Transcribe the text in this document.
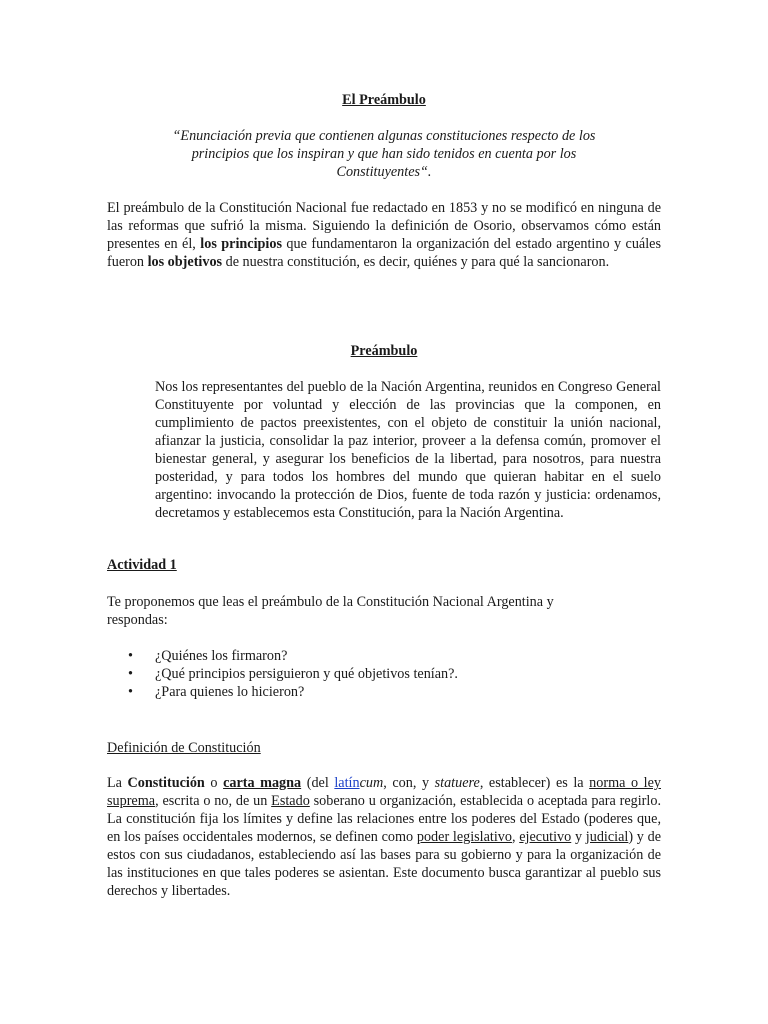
El Preámbulo
“Enunciación previa que contienen algunas constituciones respecto de los principios que los inspiran y que han sido tenidos en cuenta por los Constituyentes“.
El preámbulo de la Constitución Nacional fue redactado en 1853 y no se modificó en ninguna de las reformas que sufrió la misma. Siguiendo la definición de Osorio, observamos cómo están presentes en él, los principios que fundamentaron la organización del estado argentino y cuáles fueron los objetivos de nuestra constitución, es decir, quiénes y para qué la sancionaron.
Preámbulo
Nos los representantes del pueblo de la Nación Argentina, reunidos en Congreso General Constituyente por voluntad y elección de las provincias que la componen, en cumplimiento de pactos preexistentes, con el objeto de constituir la unión nacional, afianzar la justicia, consolidar la paz interior, proveer a la defensa común, promover el bienestar general, y asegurar los beneficios de la libertad, para nosotros, para nuestra posteridad, y para todos los hombres del mundo que quieran habitar en el suelo argentino: invocando la protección de Dios, fuente de toda razón y justicia: ordenamos, decretamos y establecemos esta Constitución, para la Nación Argentina.
Actividad 1
Te proponemos que leas el preámbulo de la Constitución Nacional Argentina y respondas:
• ¿Quiénes los firmaron?
• ¿Qué principios persiguieron y qué objetivos tenían?.
• ¿Para quienes lo hicieron?
Definición de Constitución
La Constitución o carta magna (del latíncum, con, y statuere, establecer) es la norma o ley suprema, escrita o no, de un Estado soberano u organización, establecida o aceptada para regirlo. La constitución fija los límites y define las relaciones entre los poderes del Estado (poderes que, en los países occidentales modernos, se definen como poder legislativo, ejecutivo y judicial) y de estos con sus ciudadanos, estableciendo así las bases para su gobierno y para la organización de las instituciones en que tales poderes se asientan. Este documento busca garantizar al pueblo sus derechos y libertades.
